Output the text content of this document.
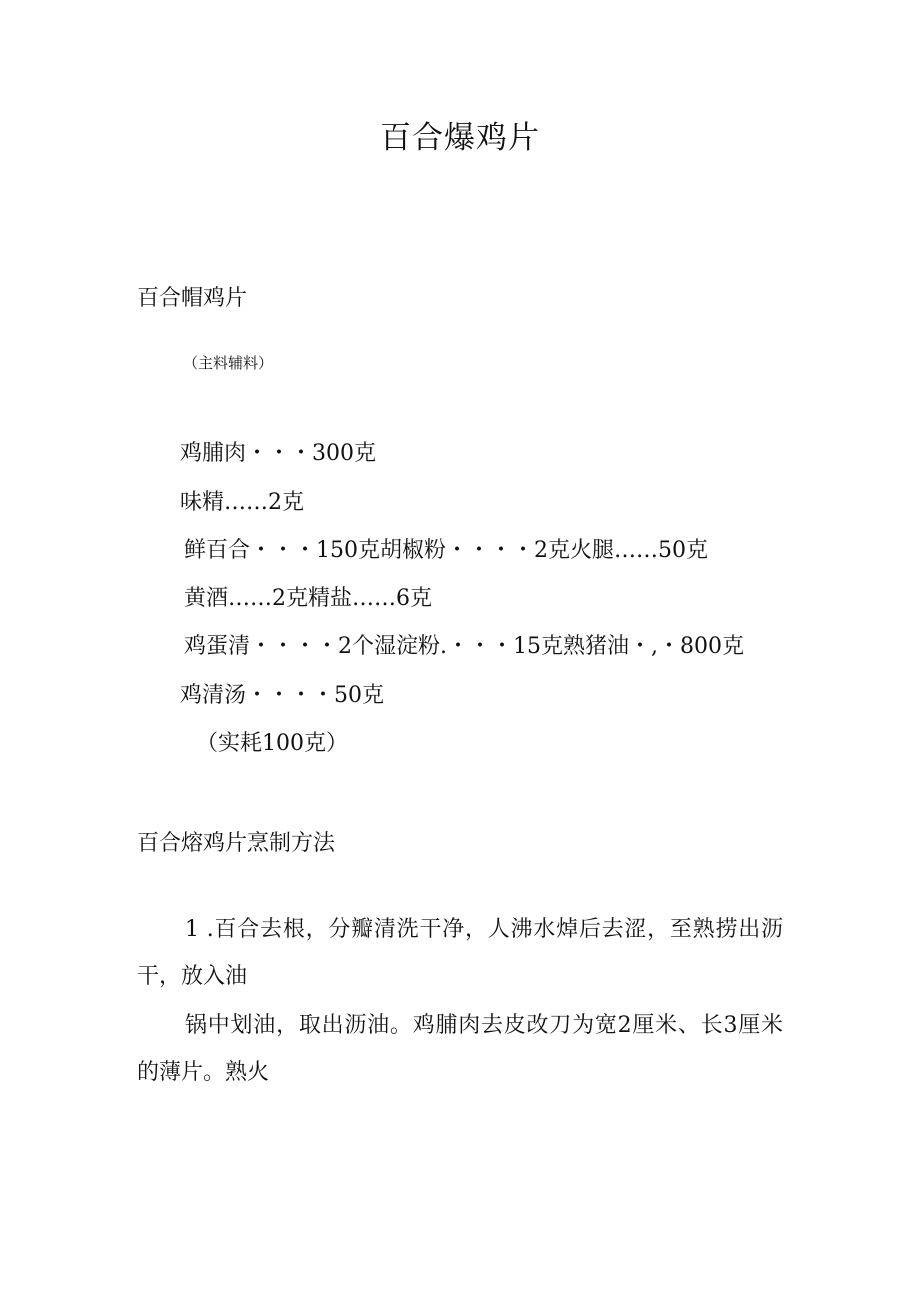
百合爆鸡片
百合帽鸡片
（主料辅料）
鸡脯肉・・・300克
味精……2克
鲜百合・・・150克胡椒粉・・・・2克火腿……50克
黄酒……2克精盐……6克
鸡蛋清・・・・2个湿淀粉.・・・15克熟猪油・,・800克
鸡清汤・・・・50克
（实耗100克）
百合熔鸡片烹制方法

1 .百合去根，分瓣清洗干净，人沸水焯后去涩，至熟捞出沥干，放入油

锅中划油，取出沥油。鸡脯肉去皮改刀为宽2厘米、长3厘米的薄片。熟火
